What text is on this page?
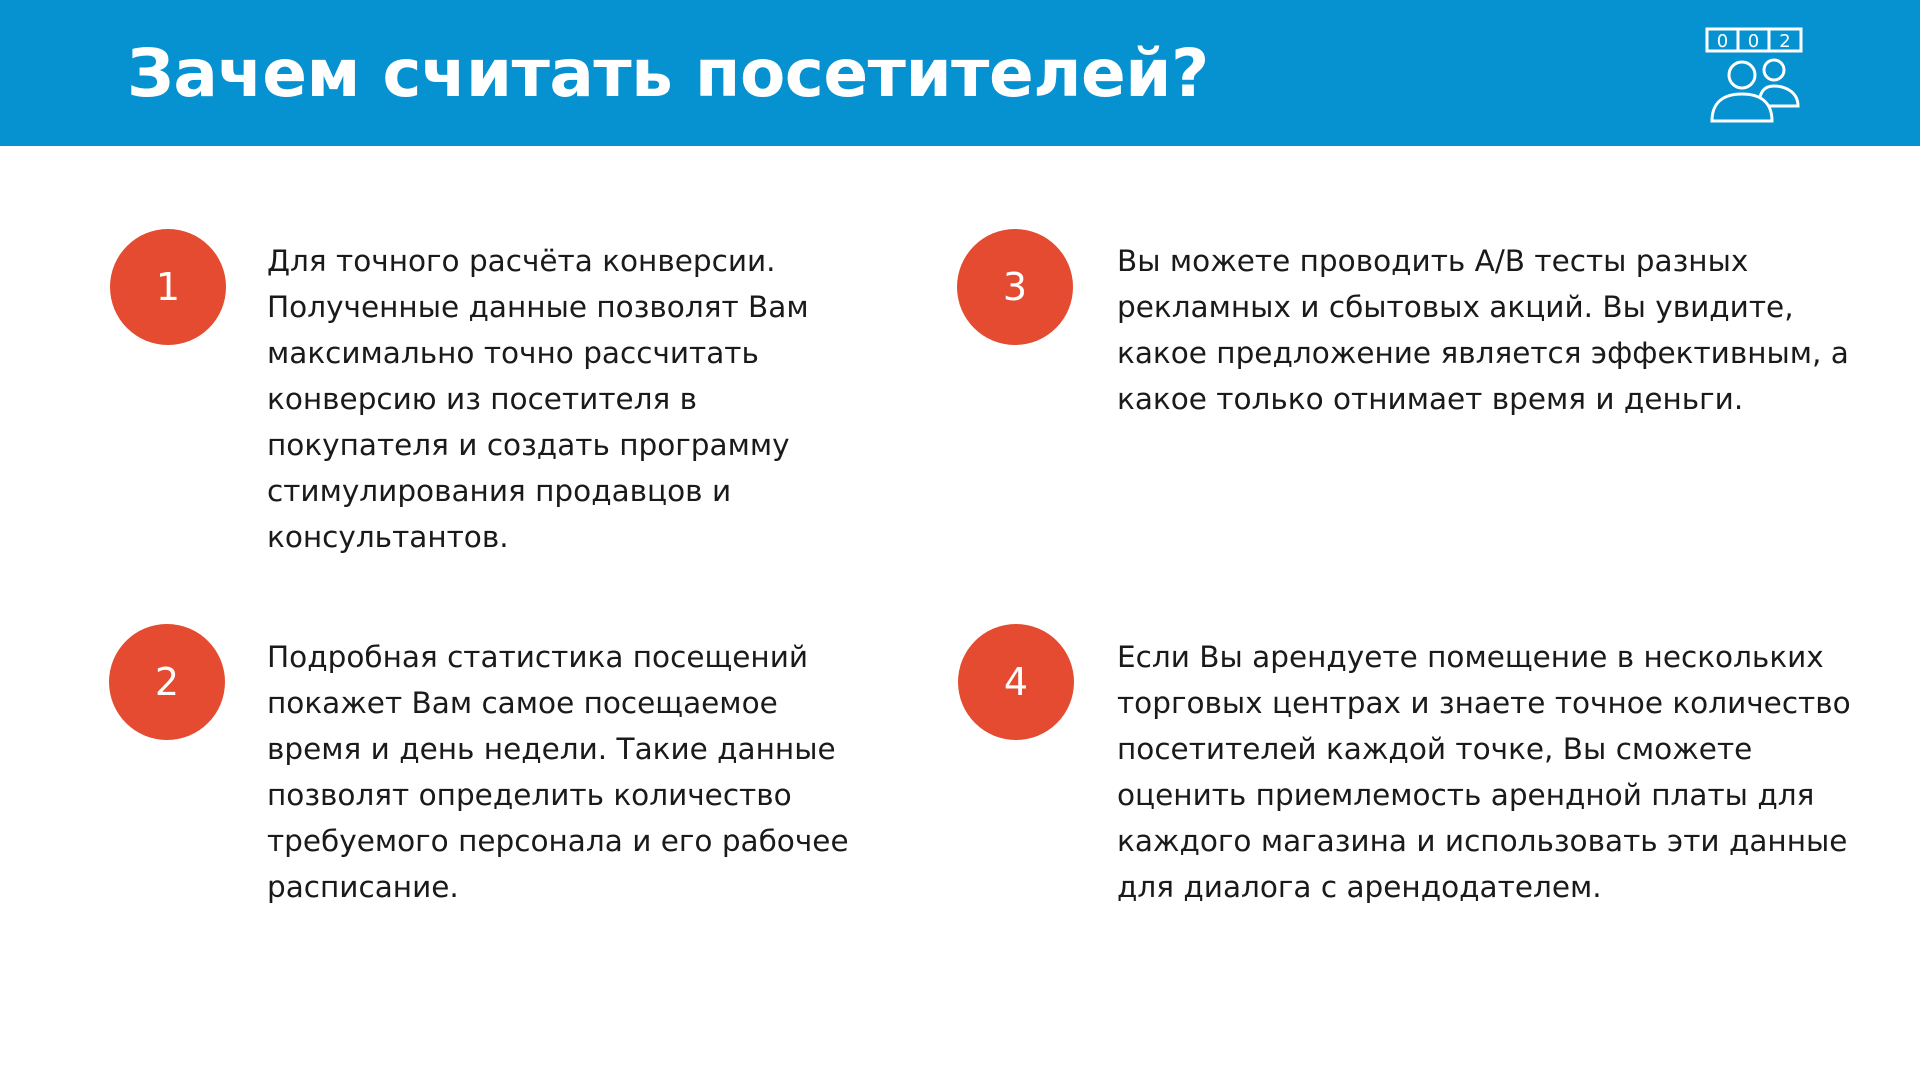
Зачем считать посетителей?	0 0 2
1

Для точного расчёта конверсии. Полученные данные позволят Вам максимально точно рассчитать конверсию из посетителя в покупателя и создать программу стимулирования продавцов и консультантов.

2

Подробная статистика посещений покажет Вам самое посещаемое время и день недели. Такие данные позволят определить количество требуемого персонала и его рабочее расписание.

3

Вы можете проводить А/В тесты разных рекламных и сбытовых акций. Вы увидите, какое предложение является эффективным, а какое только отнимает время и деньги.

4

Если Вы арендуете помещение в нескольких торговых центрах и знаете точное количество посетителей каждой точке, Вы сможете оценить приемлемость арендной платы для каждого магазина и использовать эти данные для диалога с арендодателем.
